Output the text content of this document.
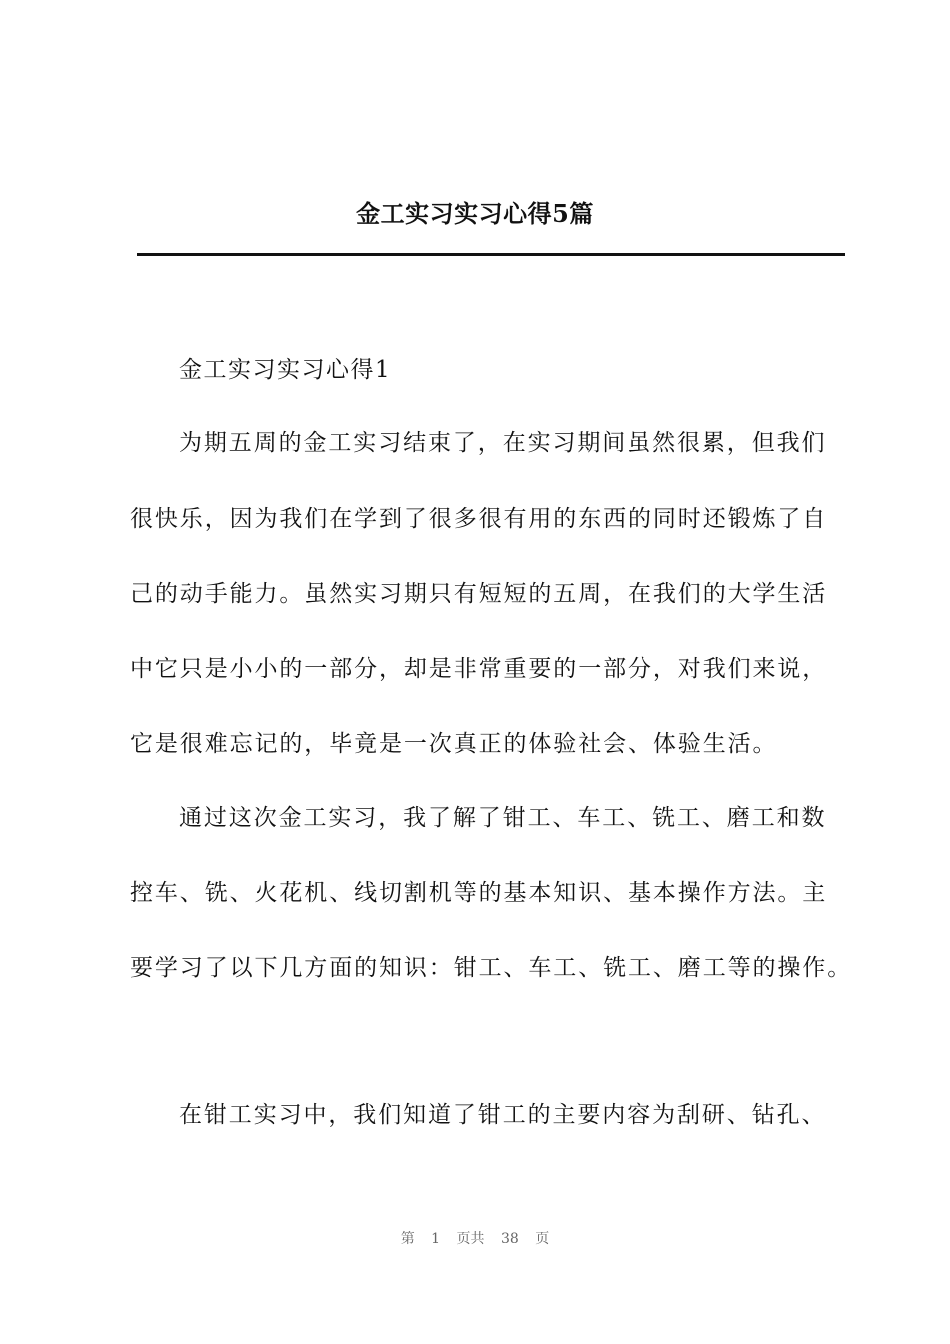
金工实习实习心得5篇
金工实习实习心得1
为期五周的金工实习结束了，在实习期间虽然很累，但我们
很快乐，因为我们在学到了很多很有用的东西的同时还锻炼了自
己的动手能力。虽然实习期只有短短的五周，在我们的大学生活
中它只是小小的一部分，却是非常重要的一部分，对我们来说，
它是很难忘记的，毕竟是一次真正的体验社会、体验生活。
通过这次金工实习，我了解了钳工、车工、铣工、磨工和数
控车、铣、火花机、线切割机等的基本知识、基本操作方法。主
要学习了以下几方面的知识：钳工、车工、铣工、磨工等的操作。
在钳工实习中，我们知道了钳工的主要内容为刮研、钻孔、
第 1 页共 38 页
